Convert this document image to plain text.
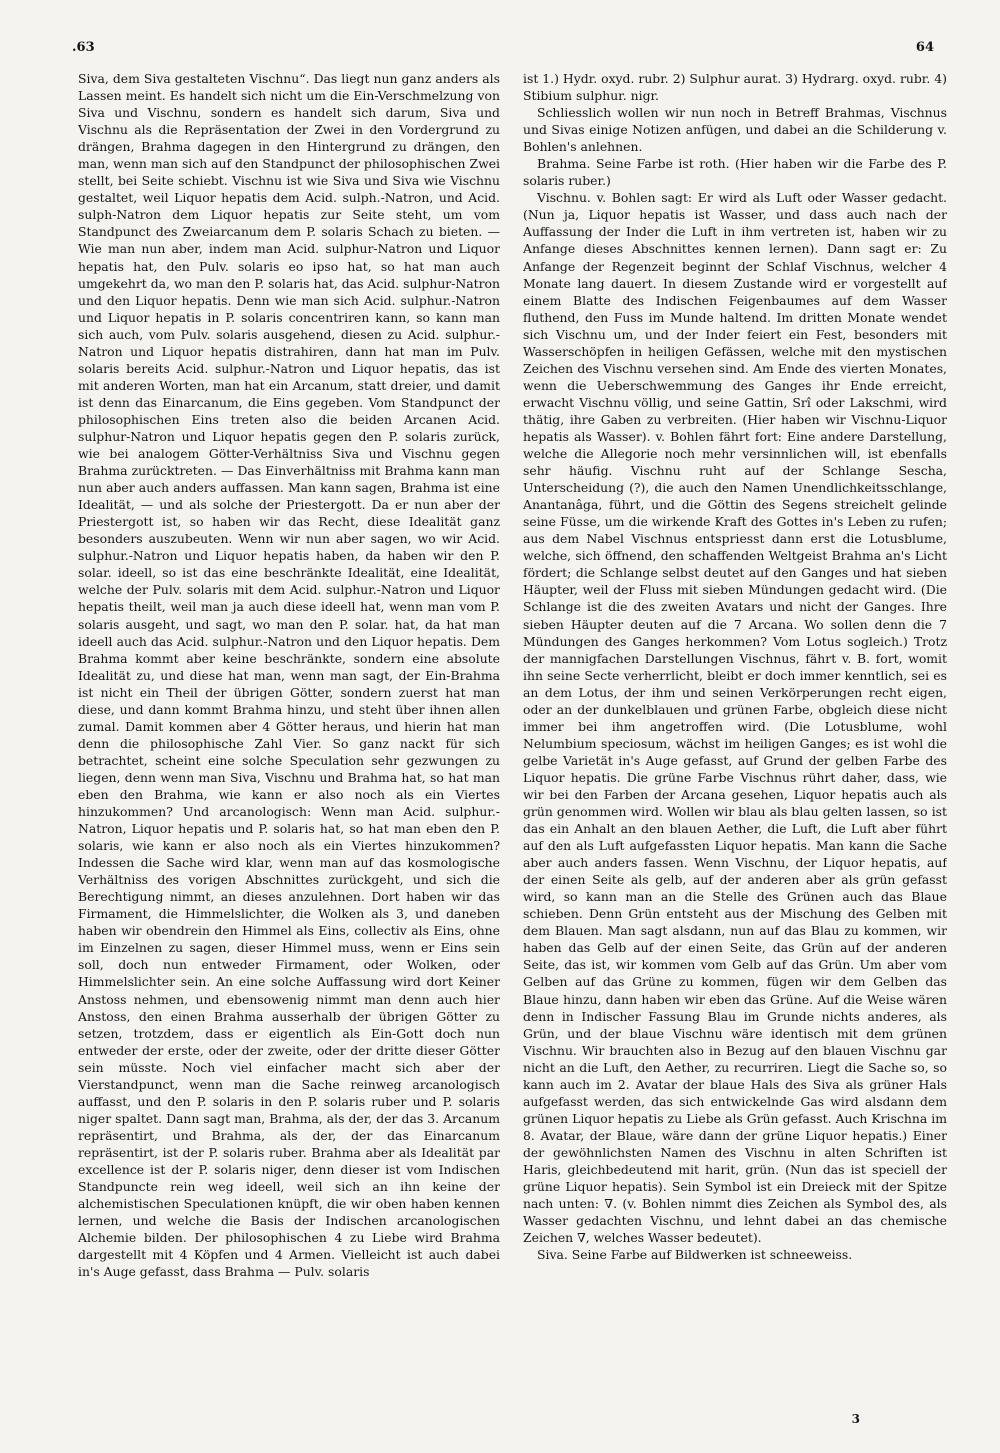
.63	64

Siva, dem Siva gestalteten Vischnu“. Das liegt nun ganz anders als Lassen meint. Es handelt sich nicht um die Ein-Verschmelzung von Siva und Vischnu, sondern es handelt sich darum, Siva und Vischnu als die Repräsentation der Zwei in den Vordergrund zu drängen, Brahma dagegen in den Hintergrund zu drängen, den man, wenn man sich auf den Standpunct der philosophischen Zwei stellt, bei Seite schiebt. Vischnu ist wie Siva und Siva wie Vischnu gestaltet, weil Liquor hepatis dem Acid. sulph.-Natron, und Acid. sulph-Natron dem Liquor hepatis zur Seite steht, um vom Standpunct des Zweiarcanum dem P. solaris Schach zu bieten. — Wie man nun aber, indem man Acid. sulphur-Natron und Liquor hepatis hat, den Pulv. solaris eo ipso hat, so hat man auch umgekehrt da, wo man den P. solaris hat, das Acid. sulphur-Natron und den Liquor hepatis. Denn wie man sich Acid. sulphur.-Natron und Liquor hepatis in P. solaris concentriren kann, so kann man sich auch, vom Pulv. solaris ausgehend, diesen zu Acid. sulphur.-Natron und Liquor hepatis distrahiren, dann hat man im Pulv. solaris bereits Acid. sulphur.-Natron und Liquor hepatis, das ist mit anderen Worten, man hat ein Arcanum, statt dreier, und damit ist denn das Einarcanum, die Eins gegeben. Vom Standpunct der philosophischen Eins treten also die beiden Arcanen Acid. sulphur-Natron und Liquor hepatis gegen den P. solaris zurück, wie bei analogem Götter-Verhältniss Siva und Vischnu gegen Brahma zurücktreten. — Das Einverhältniss mit Brahma kann man nun aber auch anders auffassen. Man kann sagen, Brahma ist eine Idealität, — und als solche der Priestergott. Da er nun aber der Priestergott ist, so haben wir das Recht, diese Idealität ganz besonders auszubeuten. Wenn wir nun aber sagen, wo wir Acid. sulphur.-Natron und Liquor hepatis haben, da haben wir den P. solar. ideell, so ist das eine beschränkte Idealität, eine Idealität, welche der Pulv. solaris mit dem Acid. sulphur.-Natron und Liquor hepatis theilt, weil man ja auch diese ideell hat, wenn man vom P. solaris ausgeht, und sagt, wo man den P. solar. hat, da hat man ideell auch das Acid. sulphur.-Natron und den Liquor hepatis. Dem Brahma kommt aber keine beschränkte, sondern eine absolute Idealität zu, und diese hat man, wenn man sagt, der Ein-Brahma ist nicht ein Theil der übrigen Götter, sondern zuerst hat man diese, und dann kommt Brahma hinzu, und steht über ihnen allen zumal. Damit kommen aber 4 Götter heraus, und hierin hat man denn die philosophische Zahl Vier. So ganz nackt für sich betrachtet, scheint eine solche Speculation sehr gezwungen zu liegen, denn wenn man Siva, Vischnu und Brahma hat, so hat man eben den Brahma, wie kann er also noch als ein Viertes hinzukommen? Und arcanologisch: Wenn man Acid. sulphur.-Natron, Liquor hepatis und P. solaris hat, so hat man eben den P. solaris, wie kann er also noch als ein Viertes hinzukommen? Indessen die Sache wird klar, wenn man auf das kosmologische Verhältniss des vorigen Abschnittes zurückgeht, und sich die Berechtigung nimmt, an dieses anzulehnen. Dort haben wir das Firmament, die Himmelslichter, die Wolken als 3, und daneben haben wir obendrein den Himmel als Eins, collectiv als Eins, ohne im Einzelnen zu sagen, dieser Himmel muss, wenn er Eins sein soll, doch nun entweder Firmament, oder Wolken, oder Himmelslichter sein. An eine solche Auffassung wird dort Keiner Anstoss nehmen, und ebensowenig nimmt man denn auch hier Anstoss, den einen Brahma ausserhalb der übrigen Götter zu setzen, trotzdem, dass er eigentlich als Ein-Gott doch nun entweder der erste, oder der zweite, oder der dritte dieser Götter sein müsste. Noch viel einfacher macht sich aber der Vierstandpunct, wenn man die Sache reinweg arcanologisch auffasst, und den P. solaris in den P. solaris ruber und P. solaris niger spaltet. Dann sagt man, Brahma, als der, der das 3. Arcanum repräsentirt, und Brahma, als der, der das Einarcanum repräsentirt, ist der P. solaris ruber. Brahma aber als Idealität par excellence ist der P. solaris niger, denn dieser ist vom Indischen Standpuncte rein weg ideell, weil sich an ihn keine der alchemistischen Speculationen knüpft, die wir oben haben kennen lernen, und welche die Basis der Indischen arcanologischen Alchemie bilden. Der philosophischen 4 zu Liebe wird Brahma dargestellt mit 4 Köpfen und 4 Armen. Vielleicht ist auch dabei in's Auge gefasst, dass Brahma — Pulv. solaris

ist 1.) Hydr. oxyd. rubr. 2) Sulphur aurat. 3) Hydrarg. oxyd. rubr. 4) Stibium sulphur. nigr.

Schliesslich wollen wir nun noch in Betreff Brahmas, Vischnus und Sivas einige Notizen anfügen, und dabei an die Schilderung v. Bohlen's anlehnen.

Brahma. Seine Farbe ist roth. (Hier haben wir die Farbe des P. solaris ruber.)

Vischnu. v. Bohlen sagt: Er wird als Luft oder Wasser gedacht. (Nun ja, Liquor hepatis ist Wasser, und dass auch nach der Auffassung der Inder die Luft in ihm vertreten ist, haben wir zu Anfange dieses Abschnittes kennen lernen). Dann sagt er: Zu Anfange der Regenzeit beginnt der Schlaf Vischnus, welcher 4 Monate lang dauert. In diesem Zustande wird er vorgestellt auf einem Blatte des Indischen Feigenbaumes auf dem Wasser fluthend, den Fuss im Munde haltend. Im dritten Monate wendet sich Vischnu um, und der Inder feiert ein Fest, besonders mit Wasserschöpfen in heiligen Gefässen, welche mit den mystischen Zeichen des Vischnu versehen sind. Am Ende des vierten Monates, wenn die Ueberschwemmung des Ganges ihr Ende erreicht, erwacht Vischnu völlig, und seine Gattin, Srî oder Lakschmi, wird thätig, ihre Gaben zu verbreiten. (Hier haben wir Vischnu-Liquor hepatis als Wasser). v. Bohlen fährt fort: Eine andere Darstellung, welche die Allegorie noch mehr versinnlichen will, ist ebenfalls sehr häufig. Vischnu ruht auf der Schlange Sescha, Unterscheidung (?), die auch den Namen Unendlichkeitsschlange, Anantanâga, führt, und die Göttin des Segens streichelt gelinde seine Füsse, um die wirkende Kraft des Gottes in's Leben zu rufen; aus dem Nabel Vischnus entspriesst dann erst die Lotusblume, welche, sich öffnend, den schaffenden Weltgeist Brahma an's Licht fördert; die Schlange selbst deutet auf den Ganges und hat sieben Häupter, weil der Fluss mit sieben Mündungen gedacht wird. (Die Schlange ist die des zweiten Avatars und nicht der Ganges. Ihre sieben Häupter deuten auf die 7 Arcana. Wo sollen denn die 7 Mündungen des Ganges herkommen? Vom Lotus sogleich.) Trotz der mannigfachen Darstellungen Vischnus, fährt v. B. fort, womit ihn seine Secte verherrlicht, bleibt er doch immer kenntlich, sei es an dem Lotus, der ihm und seinen Verkörperungen recht eigen, oder an der dunkelblauen und grünen Farbe, obgleich diese nicht immer bei ihm angetroffen wird. (Die Lotusblume, wohl Nelumbium speciosum, wächst im heiligen Ganges; es ist wohl die gelbe Varietät in's Auge gefasst, auf Grund der gelben Farbe des Liquor hepatis. Die grüne Farbe Vischnus rührt daher, dass, wie wir bei den Farben der Arcana gesehen, Liquor hepatis auch als grün genommen wird. Wollen wir blau als blau gelten lassen, so ist das ein Anhalt an den blauen Aether, die Luft, die Luft aber führt auf den als Luft aufgefassten Liquor hepatis. Man kann die Sache aber auch anders fassen. Wenn Vischnu, der Liquor hepatis, auf der einen Seite als gelb, auf der anderen aber als grün gefasst wird, so kann man an die Stelle des Grünen auch das Blaue schieben. Denn Grün entsteht aus der Mischung des Gelben mit dem Blauen. Man sagt alsdann, nun auf das Blau zu kommen, wir haben das Gelb auf der einen Seite, das Grün auf der anderen Seite, das ist, wir kommen vom Gelb auf das Grün. Um aber vom Gelben auf das Grüne zu kommen, fügen wir dem Gelben das Blaue hinzu, dann haben wir eben das Grüne. Auf die Weise wären denn in Indischer Fassung Blau im Grunde nichts anderes, als Grün, und der blaue Vischnu wäre identisch mit dem grünen Vischnu. Wir brauchten also in Bezug auf den blauen Vischnu gar nicht an die Luft, den Aether, zu recurriren. Liegt die Sache so, so kann auch im 2. Avatar der blaue Hals des Siva als grüner Hals aufgefasst werden, das sich entwickelnde Gas wird alsdann dem grünen Liquor hepatis zu Liebe als Grün gefasst. Auch Krischna im 8. Avatar, der Blaue, wäre dann der grüne Liquor hepatis.) Einer der gewöhnlichsten Namen des Vischnu in alten Schriften ist Haris, gleichbedeutend mit harit, grün. (Nun das ist speciell der grüne Liquor hepatis). Sein Symbol ist ein Dreieck mit der Spitze nach unten: ∇. (v. Bohlen nimmt dies Zeichen als Symbol des, als Wasser gedachten Vischnu, und lehnt dabei an das chemische Zeichen ∇, welches Wasser bedeutet).

Siva. Seine Farbe auf Bildwerken ist schneeweiss.

3
